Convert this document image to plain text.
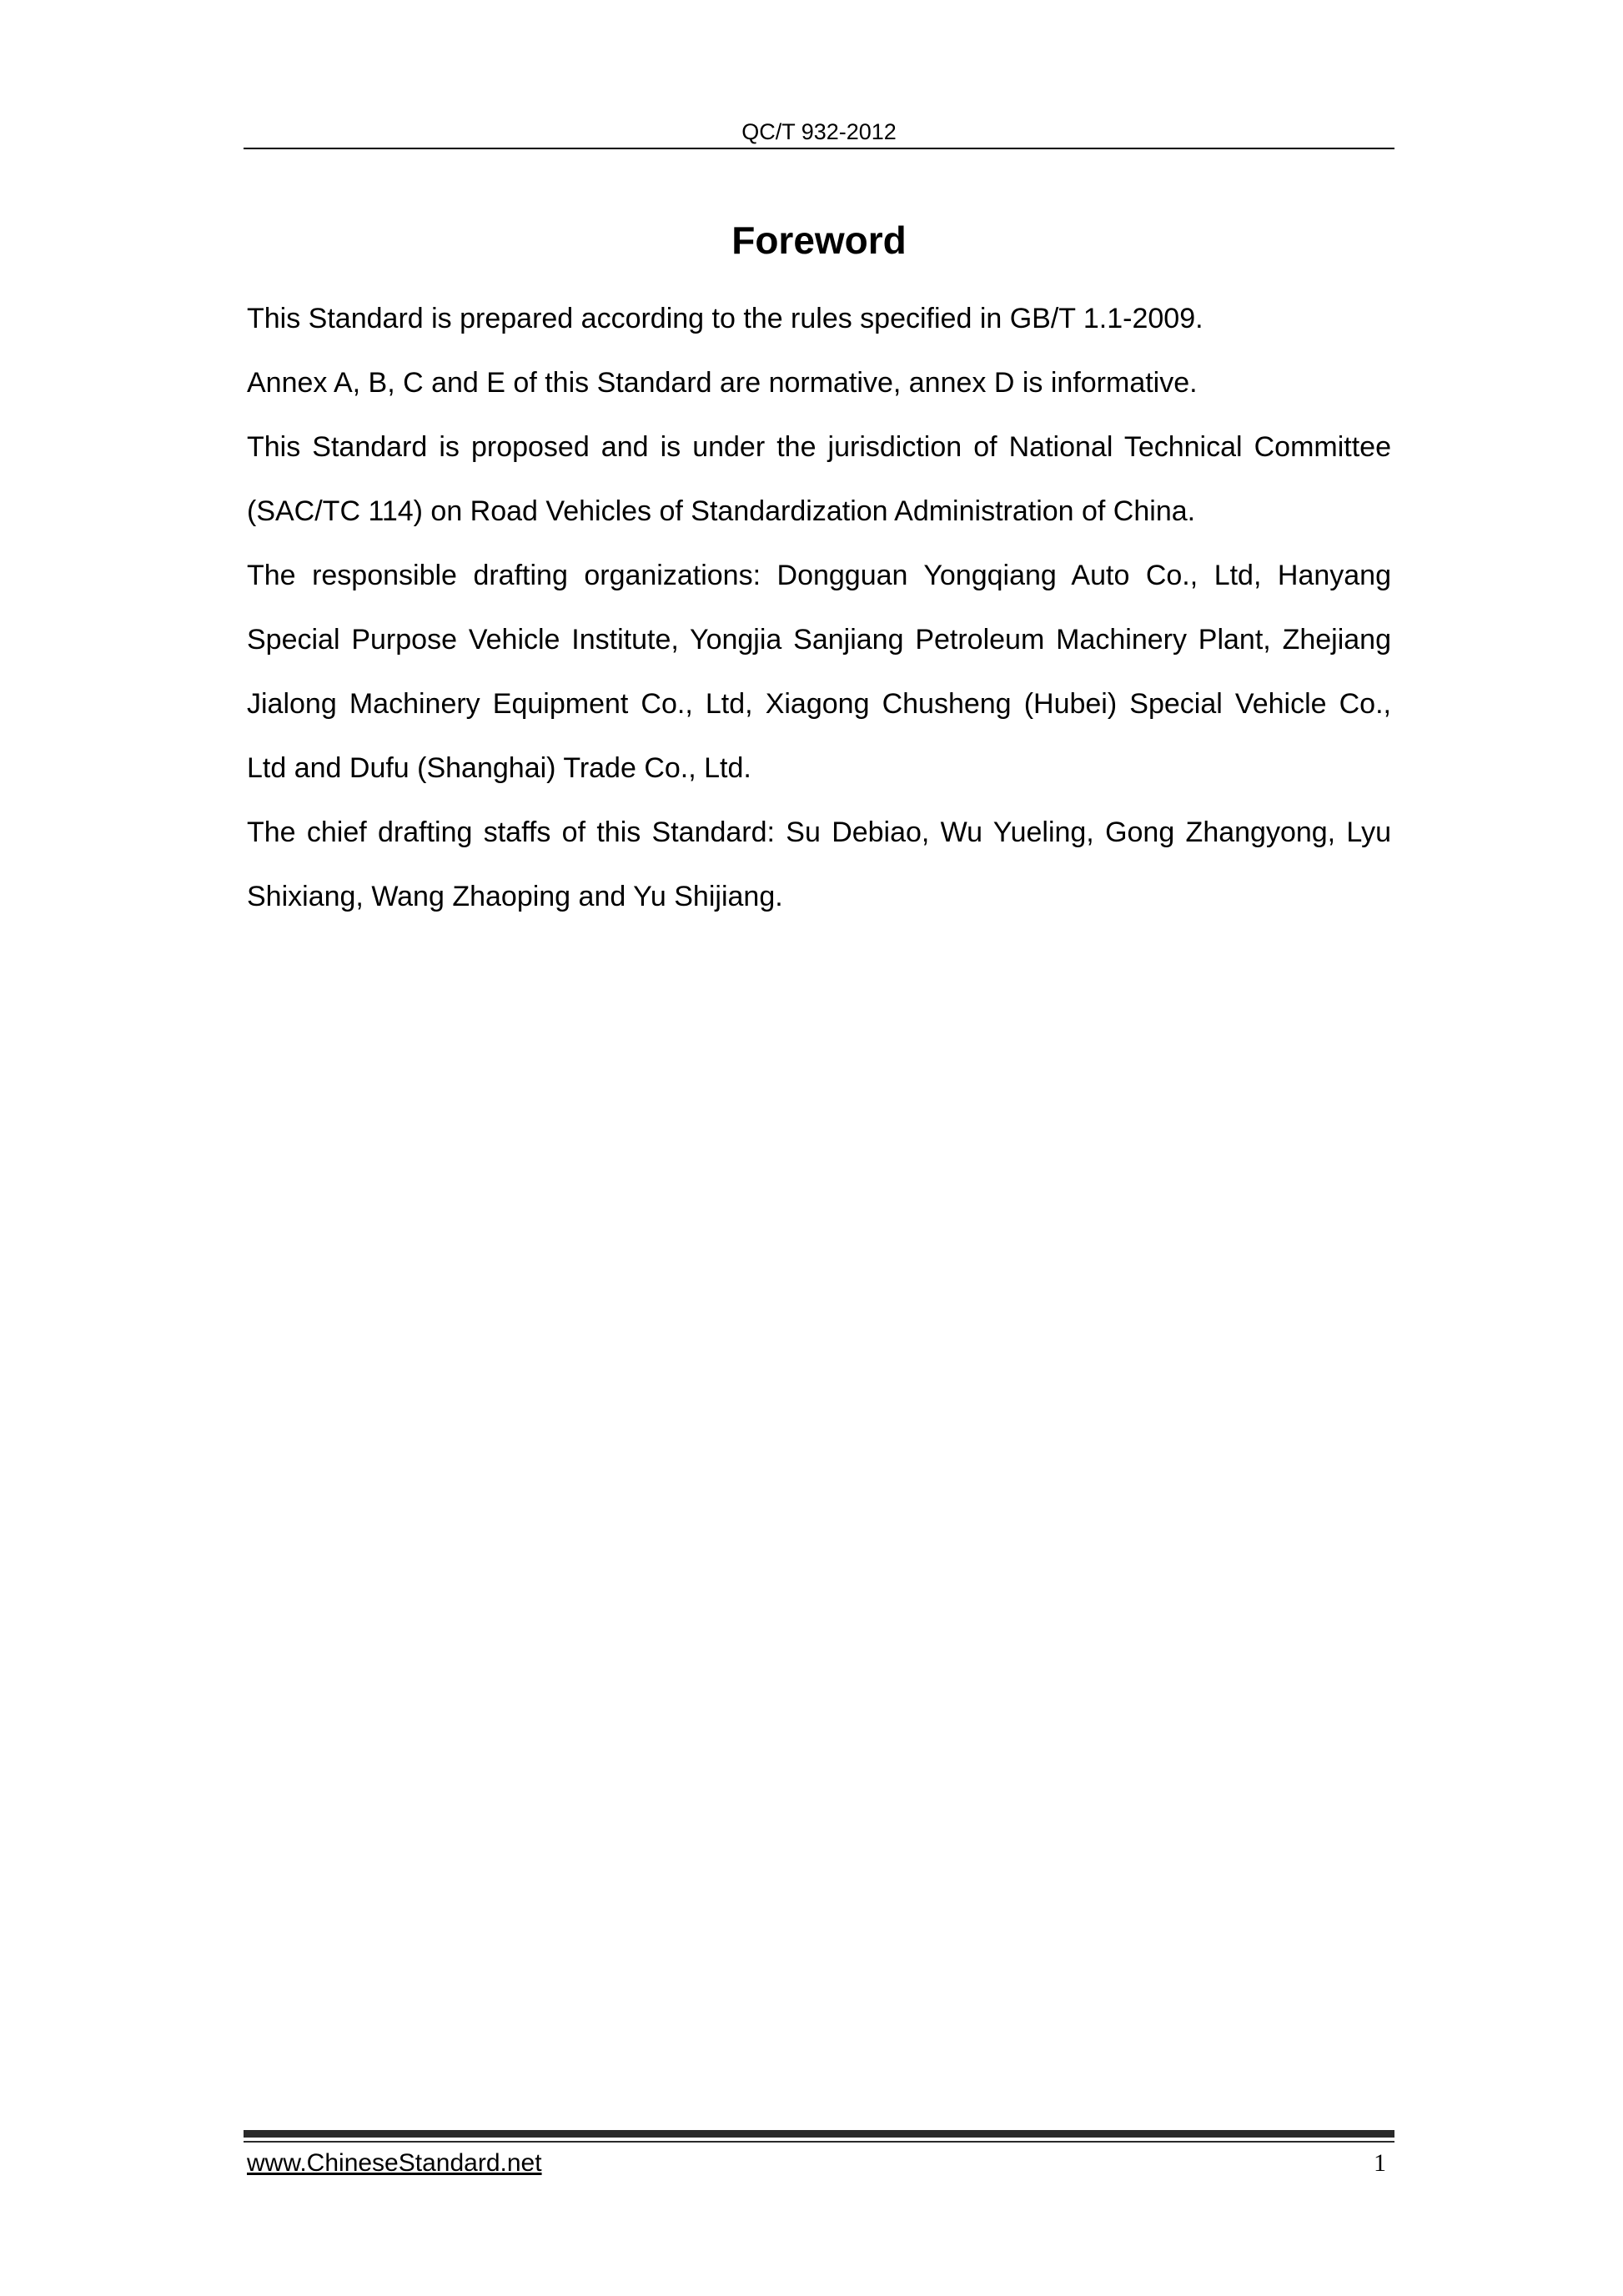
QC/T 932-2012
Foreword

This Standard is prepared according to the rules specified in GB/T 1.1-2009.

Annex A, B, C and E of this Standard are normative, annex D is informative.

This Standard is proposed and is under the jurisdiction of National Technical Committee (SAC/TC 114) on Road Vehicles of Standardization Administration of China.

The responsible drafting organizations: Dongguan Yongqiang Auto Co., Ltd, Hanyang Special Purpose Vehicle Institute, Yongjia Sanjiang Petroleum Machinery Plant, Zhejiang Jialong Machinery Equipment Co., Ltd, Xiagong Chusheng (Hubei) Special Vehicle Co., Ltd and Dufu (Shanghai) Trade Co., Ltd.

The chief drafting staffs of this Standard: Su Debiao, Wu Yueling, Gong Zhangyong, Lyu Shixiang, Wang Zhaoping and Yu Shijiang.

www.ChineseStandard.net	1
